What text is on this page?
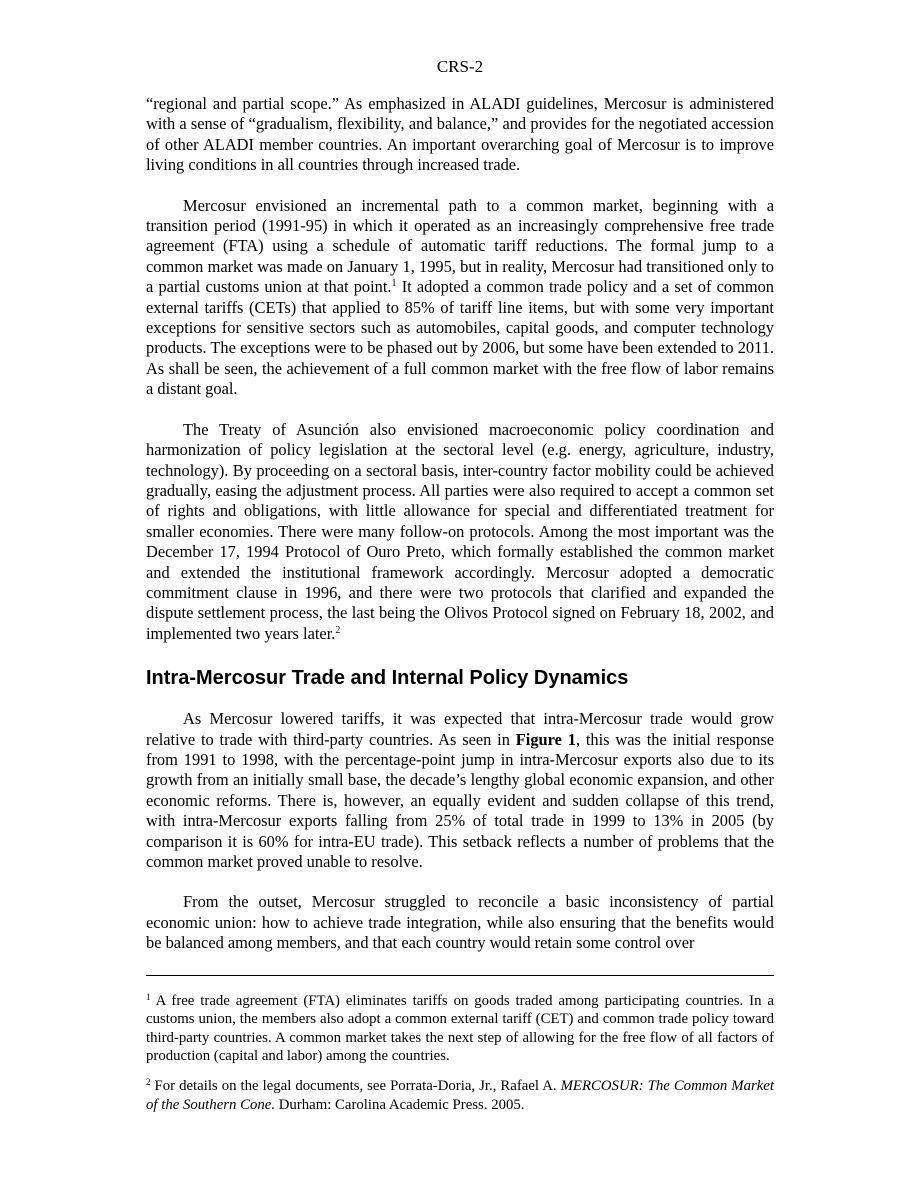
CRS-2

“regional and partial scope.” As emphasized in ALADI guidelines, Mercosur is administered with a sense of “gradualism, flexibility, and balance,” and provides for the negotiated accession of other ALADI member countries. An important overarching goal of Mercosur is to improve living conditions in all countries through increased trade.

Mercosur envisioned an incremental path to a common market, beginning with a transition period (1991-95) in which it operated as an increasingly comprehensive free trade agreement (FTA) using a schedule of automatic tariff reductions. The formal jump to a common market was made on January 1, 1995, but in reality, Mercosur had transitioned only to a partial customs union at that point.$^1$ It adopted a common trade policy and a set of common external tariffs (CETs) that applied to 85% of tariff line items, but with some very important exceptions for sensitive sectors such as automobiles, capital goods, and computer technology products. The exceptions were to be phased out by 2006, but some have been extended to 2011. As shall be seen, the achievement of a full common market with the free flow of labor remains a distant goal.

The Treaty of Asunción also envisioned macroeconomic policy coordination and harmonization of policy legislation at the sectoral level (e.g. energy, agriculture, industry, technology). By proceeding on a sectoral basis, inter-country factor mobility could be achieved gradually, easing the adjustment process. All parties were also required to accept a common set of rights and obligations, with little allowance for special and differentiated treatment for smaller economies. There were many follow-on protocols. Among the most important was the December 17, 1994 Protocol of Ouro Preto, which formally established the common market and extended the institutional framework accordingly. Mercosur adopted a democratic commitment clause in 1996, and there were two protocols that clarified and expanded the dispute settlement process, the last being the Olivos Protocol signed on February 18, 2002, and implemented two years later.$^2$

Intra-Mercosur Trade and Internal Policy Dynamics

As Mercosur lowered tariffs, it was expected that intra-Mercosur trade would grow relative to trade with third-party countries. As seen in Figure 1, this was the initial response from 1991 to 1998, with the percentage-point jump in intra-Mercosur exports also due to its growth from an initially small base, the decade’s lengthy global economic expansion, and other economic reforms. There is, however, an equally evident and sudden collapse of this trend, with intra-Mercosur exports falling from 25% of total trade in 1999 to 13% in 2005 (by comparison it is 60% for intra-EU trade). This setback reflects a number of problems that the common market proved unable to resolve.

From the outset, Mercosur struggled to reconcile a basic inconsistency of partial economic union: how to achieve trade integration, while also ensuring that the benefits would be balanced among members, and that each country would retain some control over

$^1$ A free trade agreement (FTA) eliminates tariffs on goods traded among participating countries. In a customs union, the members also adopt a common external tariff (CET) and common trade policy toward third-party countries. A common market takes the next step of allowing for the free flow of all factors of production (capital and labor) among the countries.

$^2$ For details on the legal documents, see Porrata-Doria, Jr., Rafael A. MERCOSUR: The Common Market of the Southern Cone. Durham: Carolina Academic Press. 2005.
